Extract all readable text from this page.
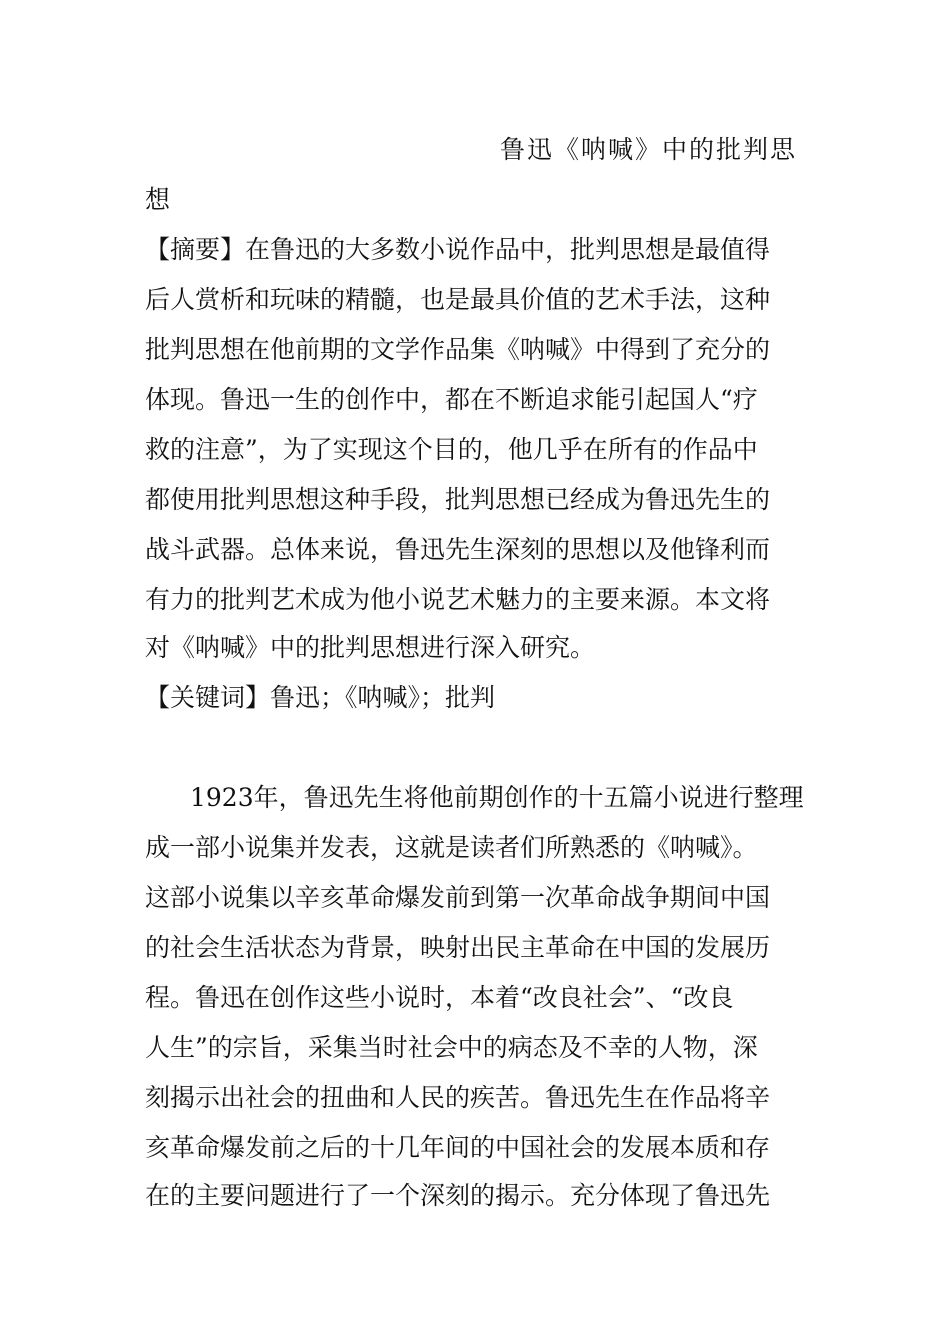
鲁迅《呐喊》中的批判思
想
【摘要】在鲁迅的大多数小说作品中，批判思想是最值得
后人赏析和玩味的精髓，也是最具价值的艺术手法，这种
批判思想在他前期的文学作品集《呐喊》中得到了充分的
体现。鲁迅一生的创作中，都在不断追求能引起国人“疗
救的注意”，为了实现这个目的，他几乎在所有的作品中
都使用批判思想这种手段，批判思想已经成为鲁迅先生的
战斗武器。总体来说，鲁迅先生深刻的思想以及他锋利而
有力的批判艺术成为他小说艺术魅力的主要来源。本文将
对《呐喊》中的批判思想进行深入研究。
【关键词】鲁迅；《呐喊》；批判
1923年，鲁迅先生将他前期创作的十五篇小说进行整理
成一部小说集并发表，这就是读者们所熟悉的《呐喊》。
这部小说集以辛亥革命爆发前到第一次革命战争期间中国
的社会生活状态为背景，映射出民主革命在中国的发展历
程。鲁迅在创作这些小说时，本着“改良社会”、“改良
人生”的宗旨，采集当时社会中的病态及不幸的人物，深
刻揭示出社会的扭曲和人民的疾苦。鲁迅先生在作品将辛
亥革命爆发前之后的十几年间的中国社会的发展本质和存
在的主要问题进行了一个深刻的揭示。充分体现了鲁迅先
